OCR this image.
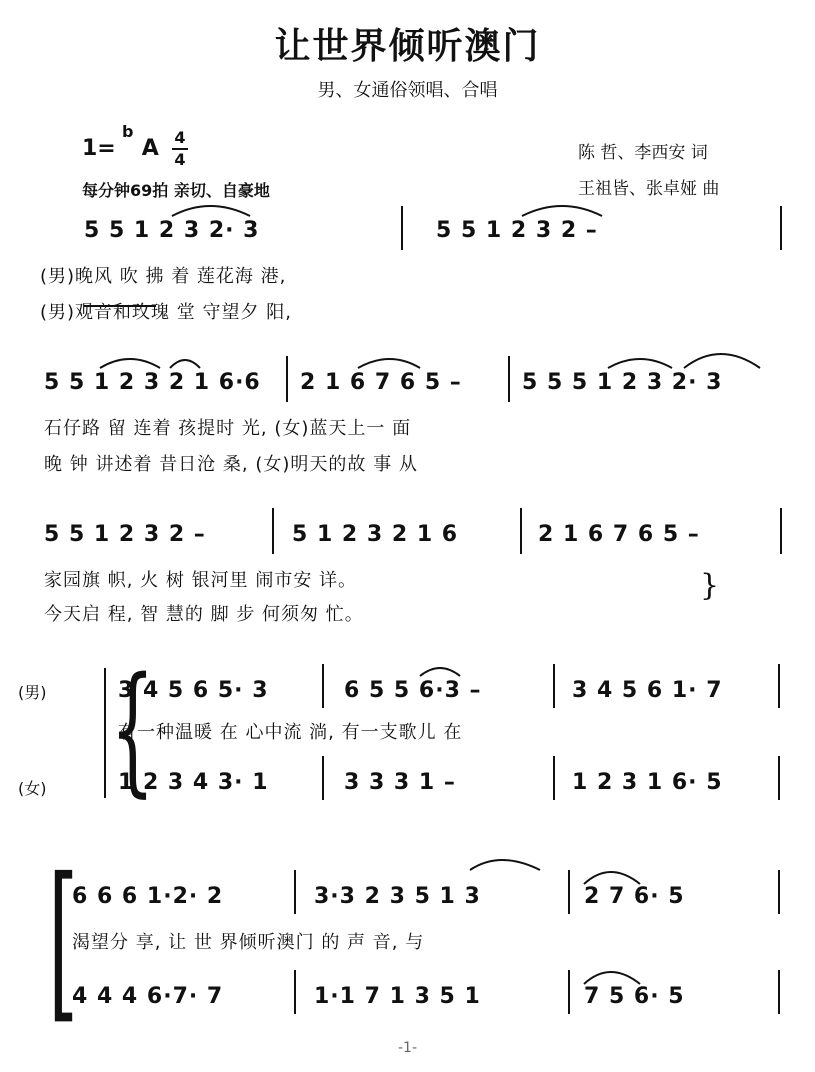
让世界倾听澳门
男、女通俗领唱、合唱
1= A
b	4
4
每分钟69拍 亲切、自豪地
陈 哲、李西安 词
王祖皆、张卓娅 曲
5 5 1 2 3 2· 3	5 5 1 2 3 2 –
(男)晚风 吹 拂 着 莲花海 港,
(男)观音和玫瑰 堂 守望夕 阳,
5 5 1 2 3 2 1 6·6 2 1 6 7 6 5 –	5 5 5 1 2 3 2· 3
石仔路 留 连着 孩提时 光, (女)蓝天上一 面
晚 钟 讲述着 昔日沧 桑, (女)明天的故 事 从
5 5 1 2 3 2 –	5 1 2 3 2 1 6	2 1 6 7 6 5 –
家园旗 帜, 火 树 银河里 闹市安 详。
今天启 程, 智 慧的 脚 步 何须匆 忙。
}
(男)
(女) {
3 4 5 6 5· 3	6 5 5 6·3 –	3 4 5 6 1· 7
有一种温暖 在 心中流 淌, 有一支歌儿 在
1 2 3 4 3· 1	3 3 3 1 –	1 2 3 1 6· 5
[
6 6 6 1·2· 2	3·3 2 3 5 1 3	2 7 6· 5
渴望分 享, 让 世 界倾听澳门 的 声 音, 与
4 4 4 6·7· 7	1·1 7 1 3 5 1	7 5 6· 5
-1-
